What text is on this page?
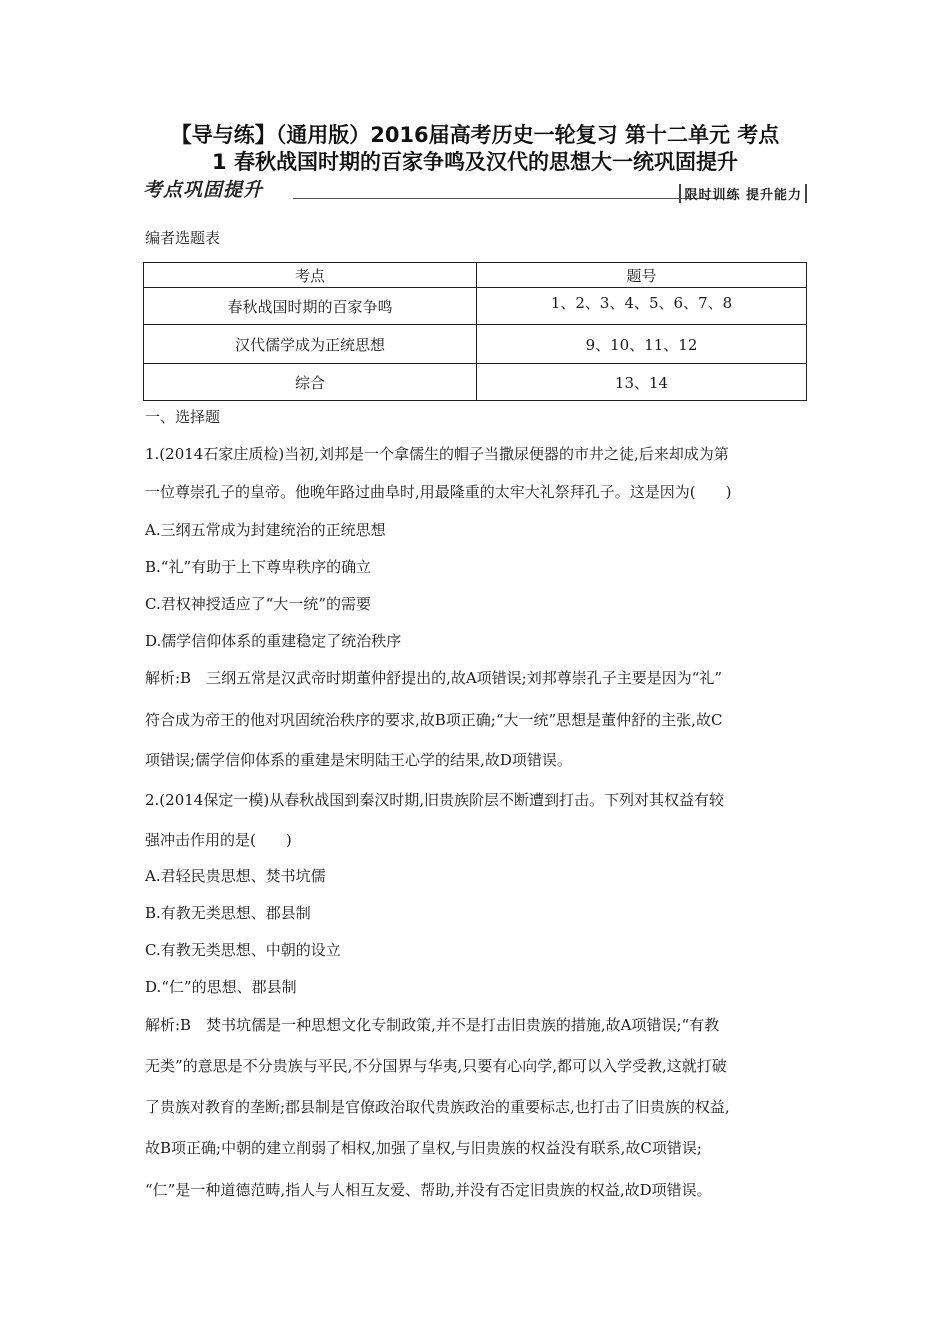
【导与练】（通用版）2016届高考历史一轮复习 第十二单元 考点
1 春秋战国时期的百家争鸣及汉代的思想大一统巩固提升
考点巩固提升	限时训练 提升能力
编者选题表
考点	题号
春秋战国时期的百家争鸣	1、2、3、4、5、6、7、8
汉代儒学成为正统思想	9、10、11、12
综合	13、14
一、选择题
1.(2014石家庄质检)当初,刘邦是一个拿儒生的帽子当撒尿便器的市井之徒,后来却成为第
一位尊崇孔子的皇帝。他晚年路过曲阜时,用最隆重的太牢大礼祭拜孔子。这是因为(　　)
A.三纲五常成为封建统治的正统思想
B.“礼”有助于上下尊卑秩序的确立
C.君权神授适应了“大一统”的需要
D.儒学信仰体系的重建稳定了统治秩序
解析:B　三纲五常是汉武帝时期董仲舒提出的,故A项错误;刘邦尊崇孔子主要是因为“礼”
符合成为帝王的他对巩固统治秩序的要求,故B项正确;“大一统”思想是董仲舒的主张,故C
项错误;儒学信仰体系的重建是宋明陆王心学的结果,故D项错误。
2.(2014保定一模)从春秋战国到秦汉时期,旧贵族阶层不断遭到打击。下列对其权益有较
强冲击作用的是(　　)
A.君轻民贵思想、焚书坑儒
B.有教无类思想、郡县制
C.有教无类思想、中朝的设立
D.“仁”的思想、郡县制
解析:B　焚书坑儒是一种思想文化专制政策,并不是打击旧贵族的措施,故A项错误;“有教
无类”的意思是不分贵族与平民,不分国界与华夷,只要有心向学,都可以入学受教,这就打破
了贵族对教育的垄断;郡县制是官僚政治取代贵族政治的重要标志,也打击了旧贵族的权益,
故B项正确;中朝的建立削弱了相权,加强了皇权,与旧贵族的权益没有联系,故C项错误;
“仁”是一种道德范畴,指人与人相互友爱、帮助,并没有否定旧贵族的权益,故D项错误。
